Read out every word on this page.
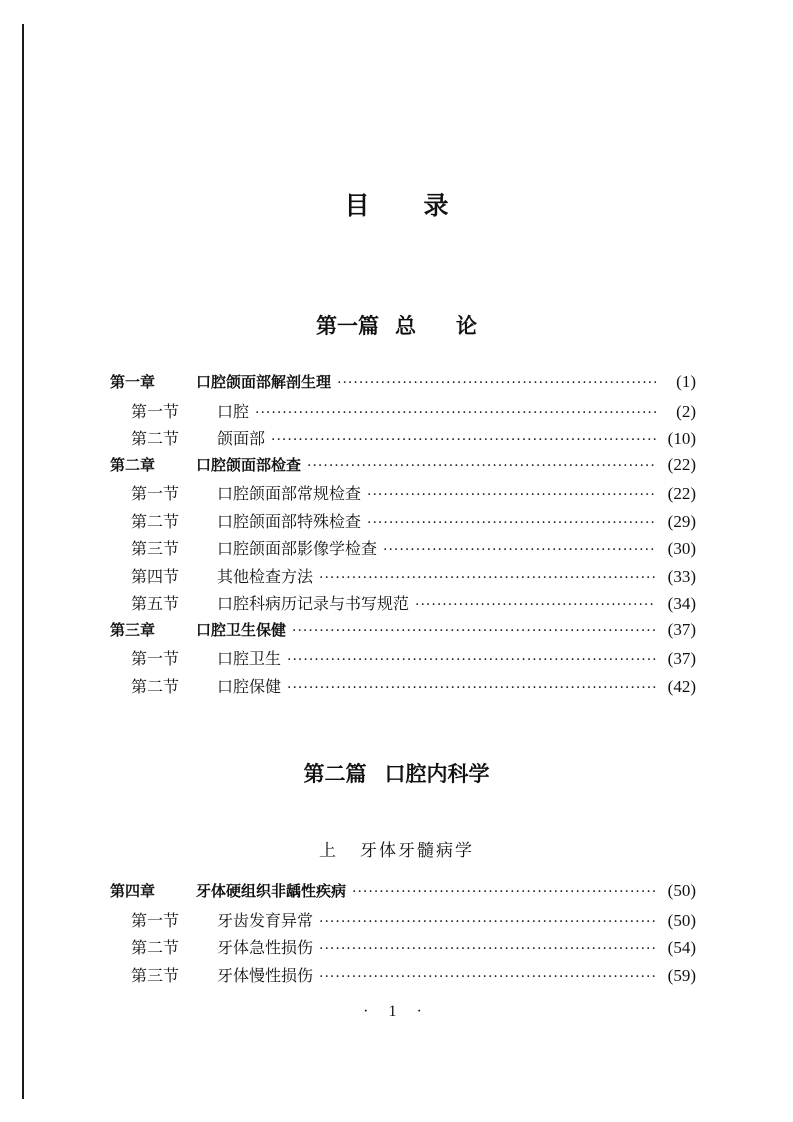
目 录
第一篇 总 论
第一章	口腔颌面部解剖生理 ·····	(1)
第一节	口腔 ·····	(2)
第二节	颌面部 ·····	(10)
第二章	口腔颌面部检查 ·····	(22)
第一节	口腔颌面部常规检查 ·····	(22)
第二节	口腔颌面部特殊检查 ·····	(29)
第三节	口腔颌面部影像学检查 ·····	(30)
第四节	其他检查方法 ·····	(33)
第五节	口腔科病历记录与书写规范 ·····	(34)
第三章	口腔卫生保健 ·····	(37)
第一节	口腔卫生 ·····	(37)
第二节	口腔保健 ·····	(42)
第二篇 口腔内科学
上 牙体牙髓病学
第四章	牙体硬组织非龋性疾病 ·····	(50)
第一节	牙齿发育异常 ·····	(50)
第二节	牙体急性损伤 ·····	(54)
第三节	牙体慢性损伤 ·····	(59)
· 1 ·
